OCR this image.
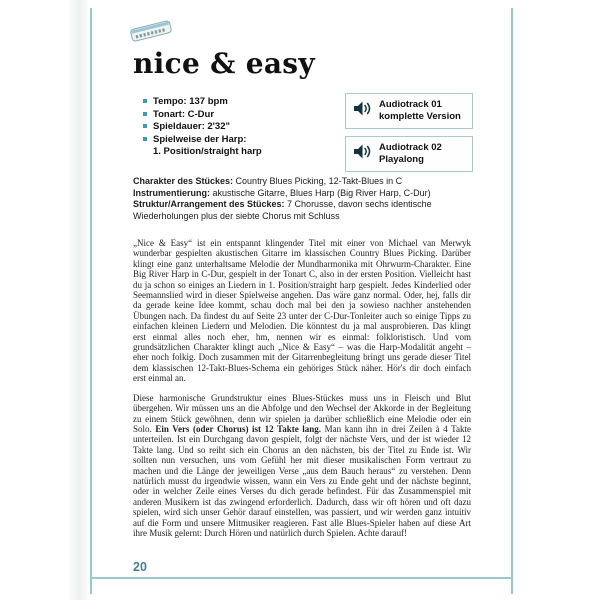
nice & easy
Tempo: 137 bpm
Tonart: C-Dur
Spieldauer: 2'32"
Spielweise der Harp:
1. Position/straight harp
Audiotrack 01
komplette Version
Audiotrack 02
Playalong
Charakter des Stückes: Country Blues Picking, 12-Takt-Blues in C
Instrumentierung: akustische Gitarre, Blues Harp (Big River Harp, C-Dur)
Struktur/Arrangement des Stückes: 7 Chorusse, davon sechs identische Wiederholungen plus der siebte Chorus mit Schluss

„Nice & Easy“ ist ein entspannt klingender Titel mit einer von Michael van Merwyk wunderbar gespielten akustischen Gitarre im klassischen Country Blues Picking. Darüber klingt eine ganz unterhaltsame Melodie der Mundharmonika mit Ohrwurm-Charakter. Eine Big River Harp in C-Dur, gespielt in der Tonart C, also in der ersten Position. Vielleicht hast du ja schon so einiges an Liedern in 1. Position/straight harp gespielt. Jedes Kinderlied oder Seemannslied wird in dieser Spielweise angehen. Das wäre ganz normal. Oder, hej, falls dir da gerade keine Idee kommt, schau doch mal bei den ja sowieso nachher anstehenden Übungen nach. Da findest du auf Seite 23 unter der C-Dur-Tonleiter auch so einige Tipps zu einfachen kleinen Liedern und Melodien. Die könntest du ja mal ausprobieren. Das klingt erst einmal alles noch eher, hm, nennen wir es einmal: folkloristisch. Und vom grundsätzlichen Charakter klingt auch „Nice & Easy“ – was die Harp-Modalität angeht – eher noch folkig. Doch zusammen mit der Gitarrenbegleitung bringt uns gerade dieser Titel dem klassischen 12-Takt-Blues-Schema ein gehöriges Stück näher. Hör's dir doch einfach erst einmal an.

Diese harmonische Grundstruktur eines Blues-Stückes muss uns in Fleisch und Blut übergehen. Wir müssen uns an die Abfolge und den Wechsel der Akkorde in der Begleitung zu einem Stück gewöhnen, denn wir spielen ja darüber schließlich eine Melodie oder ein Solo. Ein Vers (oder Chorus) ist 12 Takte lang. Man kann ihn in drei Zeilen à 4 Takte unterteilen. Ist ein Durchgang davon gespielt, folgt der nächste Vers, und der ist wieder 12 Takte lang. Und so reiht sich ein Chorus an den nächsten, bis der Titel zu Ende ist. Wir sollten nun versuchen, uns vom Gefühl her mit dieser musikalischen Form vertraut zu machen und die Länge der jeweiligen Verse „aus dem Bauch heraus“ zu verstehen. Denn natürlich musst du irgendwie wissen, wann ein Vers zu Ende geht und der nächste beginnt, oder in welcher Zeile eines Verses du dich gerade befindest. Für das Zusammenspiel mit anderen Musikern ist das zwingend erforderlich. Dadurch, dass wir oft hören und oft dazu spielen, wird sich unser Gehör darauf einstellen, was passiert, und wir werden ganz intuitiv auf die Form und unsere Mitmusiker reagieren. Fast alle Blues-Spieler haben auf diese Art ihre Musik gelernt: Durch Hören und natürlich durch Spielen. Achte darauf!

20
